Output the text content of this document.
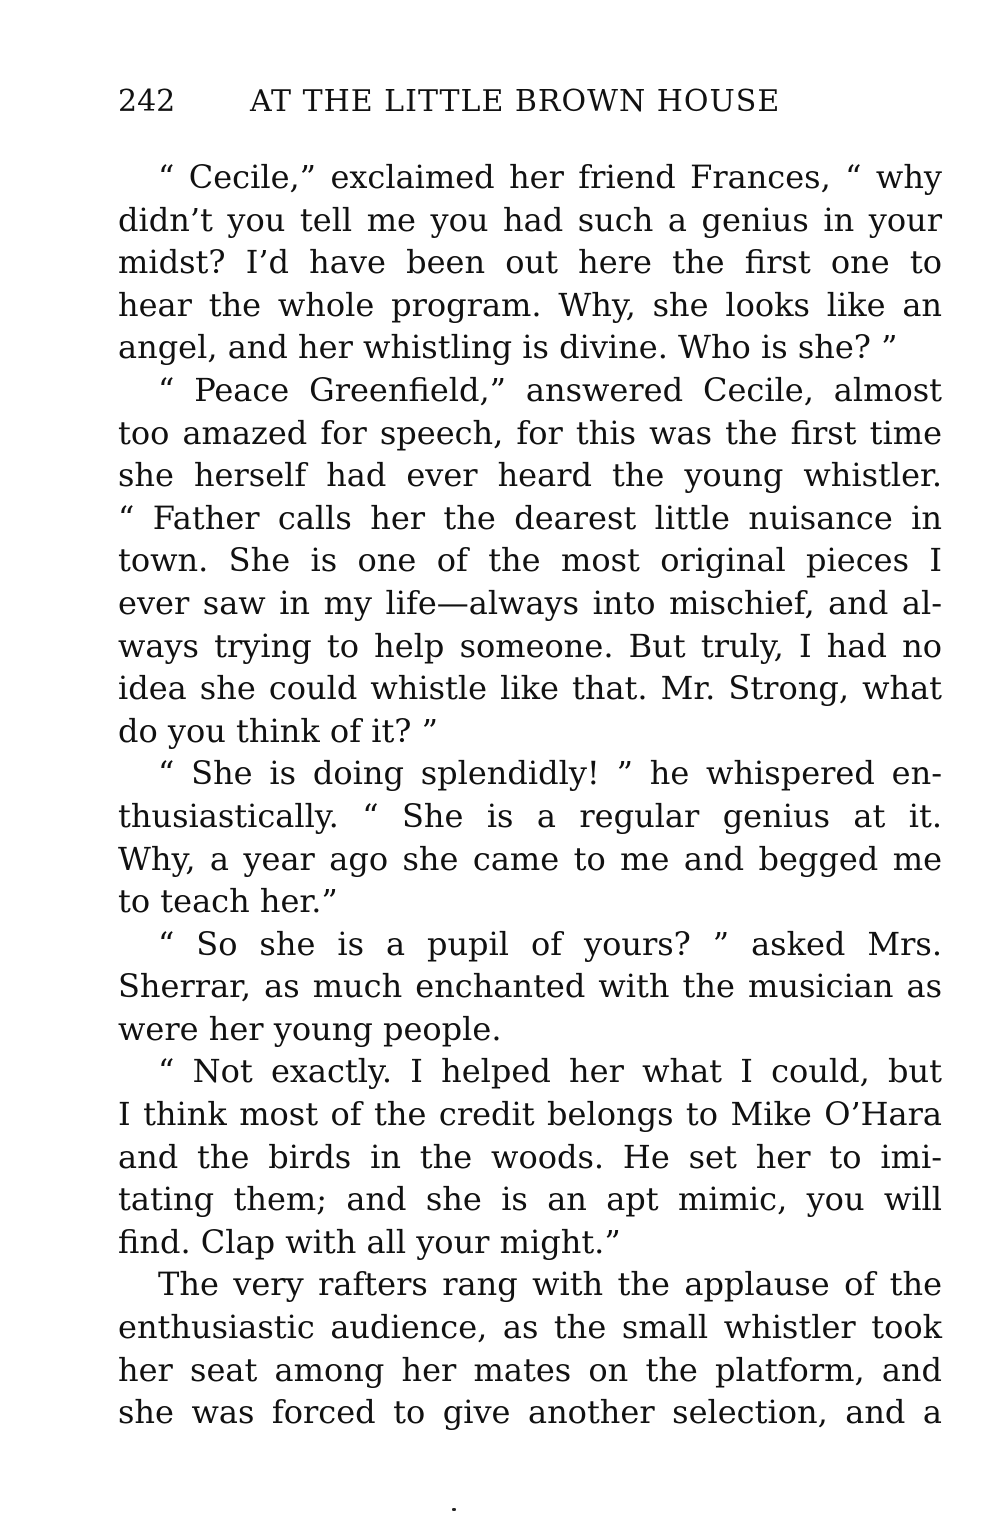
242 AT THE LITTLE BROWN HOUSE
“ Cecile,” exclaimed her friend Frances, “ why
didn’t you tell me you had such a genius in your
midst? I’d have been out here the first one to
hear the whole program. Why, she looks like an
angel, and her whistling is divine. Who is she? ”
“ Peace Greenfield,” answered Cecile, almost
too amazed for speech, for this was the first time
she herself had ever heard the young whistler.
“ Father calls her the dearest little nuisance in
town. She is one of the most original pieces I
ever saw in my life—always into mischief, and al-
ways trying to help someone. But truly, I had no
idea she could whistle like that. Mr. Strong, what
do you think of it? ”
“ She is doing splendidly! ” he whispered en-
thusiastically. “ She is a regular genius at it.
Why, a year ago she came to me and begged me
to teach her.”
“ So she is a pupil of yours? ” asked Mrs.
Sherrar, as much enchanted with the musician as
were her young people.
“ Not exactly. I helped her what I could, but
I think most of the credit belongs to Mike O’Hara
and the birds in the woods. He set her to imi-
tating them; and she is an apt mimic, you will
find. Clap with all your might.”
The very rafters rang with the applause of the
enthusiastic audience, as the small whistler took
her seat among her mates on the platform, and
she was forced to give another selection, and a
